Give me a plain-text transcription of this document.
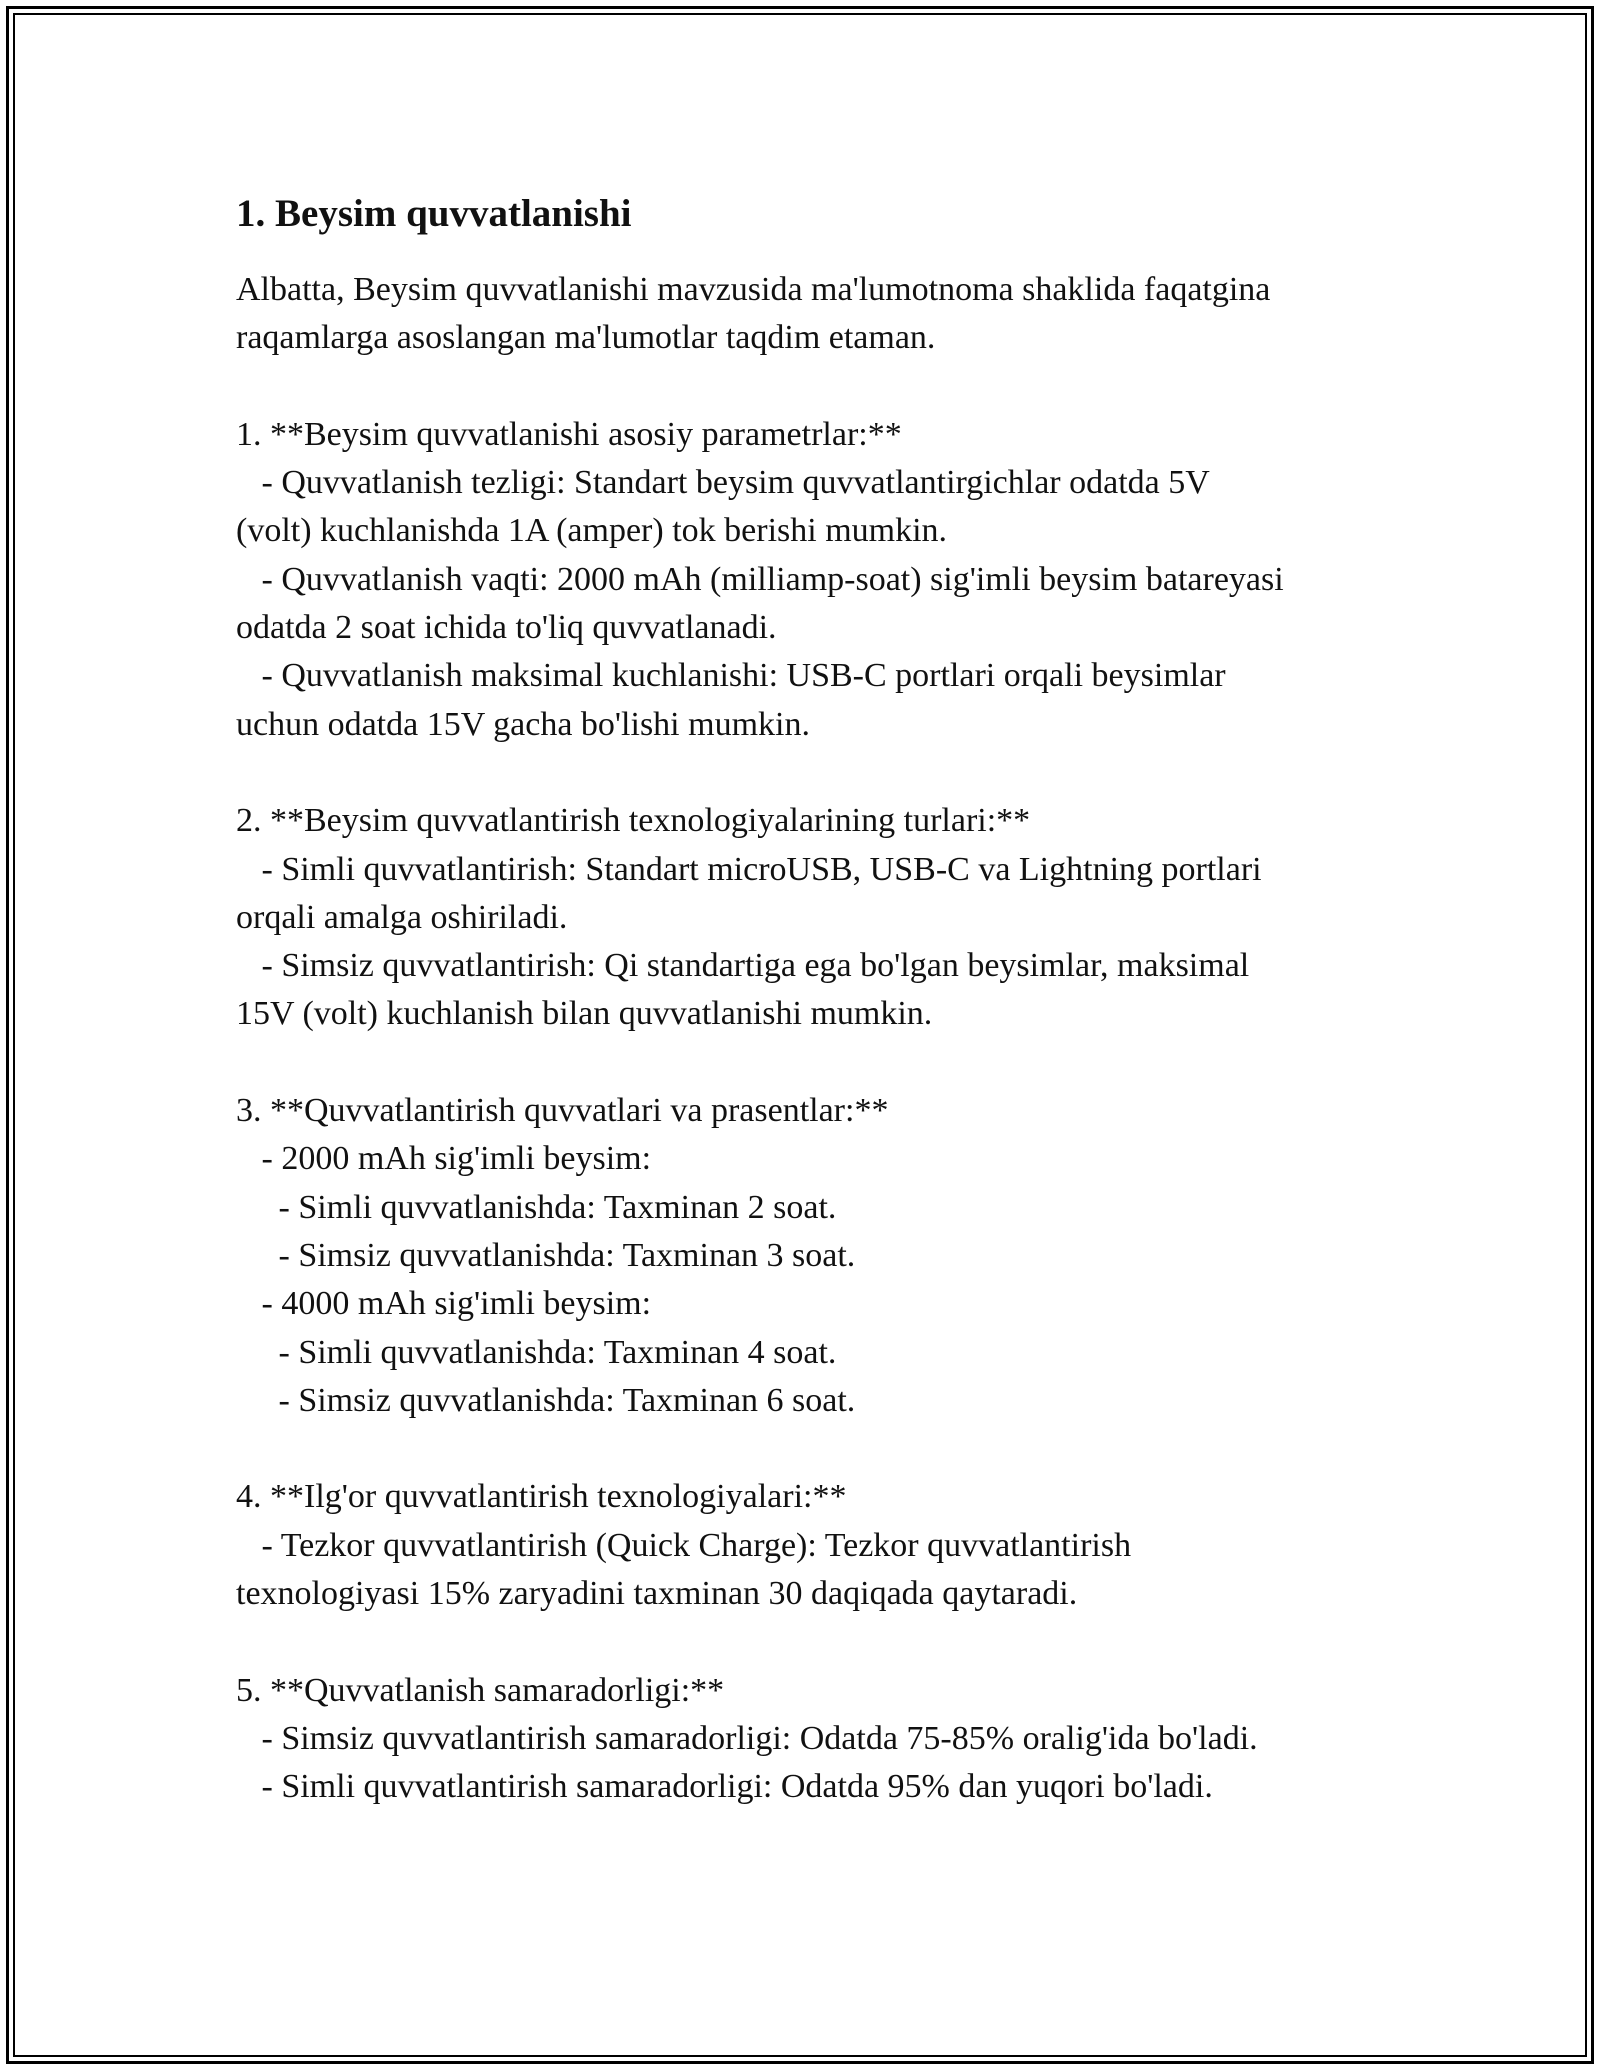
1. Beysim quvvatlanishi

Albatta, Beysim quvvatlanishi mavzusida ma'lumotnoma shaklida faqatgina

raqamlarga asoslangan ma'lumotlar taqdim etaman.

1. **Beysim quvvatlanishi asosiy parametrlar:**

- Quvvatlanish tezligi: Standart beysim quvvatlantirgichlar odatda 5V

(volt) kuchlanishda 1A (amper) tok berishi mumkin.

- Quvvatlanish vaqti: 2000 mAh (milliamp-soat) sig'imli beysim batareyasi

odatda 2 soat ichida to'liq quvvatlanadi.

- Quvvatlanish maksimal kuchlanishi: USB-C portlari orqali beysimlar

uchun odatda 15V gacha bo'lishi mumkin.

2. **Beysim quvvatlantirish texnologiyalarining turlari:**

- Simli quvvatlantirish: Standart microUSB, USB-C va Lightning portlari

orqali amalga oshiriladi.

- Simsiz quvvatlantirish: Qi standartiga ega bo'lgan beysimlar, maksimal

15V (volt) kuchlanish bilan quvvatlanishi mumkin.

3. **Quvvatlantirish quvvatlari va prasentlar:**

- 2000 mAh sig'imli beysim:

- Simli quvvatlanishda: Taxminan 2 soat.

- Simsiz quvvatlanishda: Taxminan 3 soat.

- 4000 mAh sig'imli beysim:

- Simli quvvatlanishda: Taxminan 4 soat.

- Simsiz quvvatlanishda: Taxminan 6 soat.

4. **Ilg'or quvvatlantirish texnologiyalari:**

- Tezkor quvvatlantirish (Quick Charge): Tezkor quvvatlantirish

texnologiyasi 15% zaryadini taxminan 30 daqiqada qaytaradi.

5. **Quvvatlanish samaradorligi:**

- Simsiz quvvatlantirish samaradorligi: Odatda 75-85% oralig'ida bo'ladi.

- Simli quvvatlantirish samaradorligi: Odatda 95% dan yuqori bo'ladi.
